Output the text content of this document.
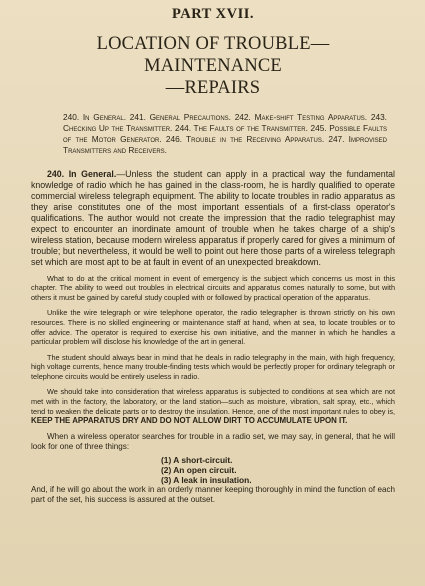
PART XVII.
LOCATION OF TROUBLE—MAINTENANCE
—REPAIRS

240. In General. 241. General Precautions. 242. Make-shift Testing Apparatus. 243. Checking Up the Transmitter. 244. The Faults of the Transmitter. 245. Possible Faults of the Motor Generator. 246. Trouble in the Receiving Apparatus. 247. Improvised Transmitters and Receivers.

240. In General.—Unless the student can apply in a practical way the fundamental knowledge of radio which he has gained in the class-room, he is hardly qualified to operate commercial wireless telegraph equipment. The ability to locate troubles in radio apparatus as they arise constitutes one of the most important essentials of a first-class operator's qualifications. The author would not create the impression that the radio telegraphist may expect to encounter an inordinate amount of trouble when he takes charge of a ship's wireless station, because modern wireless apparatus if properly cared for gives a minimum of trouble; but nevertheless, it would be well to point out here those parts of a wireless telegraph set which are most apt to be at fault in event of an unexpected breakdown.

What to do at the critical moment in event of emergency is the subject which concerns us most in this chapter. The ability to weed out troubles in electrical circuits and apparatus comes naturally to some, but with others it must be gained by careful study coupled with or followed by practical operation of the apparatus.

Unlike the wire telegraph or wire telephone operator, the radio telegrapher is thrown strictly on his own resources. There is no skilled engineering or maintenance staff at hand, when at sea, to locate troubles or to offer advice. The operator is required to exercise his own initiative, and the manner in which he handles a particular problem will disclose his knowledge of the art in general.

The student should always bear in mind that he deals in radio telegraphy in the main, with high frequency, high voltage currents, hence many trouble-finding tests which would be perfectly proper for ordinary telegraph or telephone circuits would be entirely useless in radio.

We should take into consideration that wireless apparatus is subjected to conditions at sea which are not met with in the factory, the laboratory, or the land station—such as moisture, vibration, salt spray, etc., which tend to weaken the delicate parts or to destroy the insulation. Hence, one of the most important rules to obey is, KEEP THE APPARATUS DRY AND DO NOT ALLOW DIRT TO ACCUMULATE UPON IT.

When a wireless operator searches for trouble in a radio set, we may say, in general, that he will look for one of three things:

(1) A short-circuit.
(2) An open circuit.
(3) A leak in insulation.

And, if he will go about the work in an orderly manner keeping thoroughly in mind the function of each part of the set, his success is assured at the outset.
